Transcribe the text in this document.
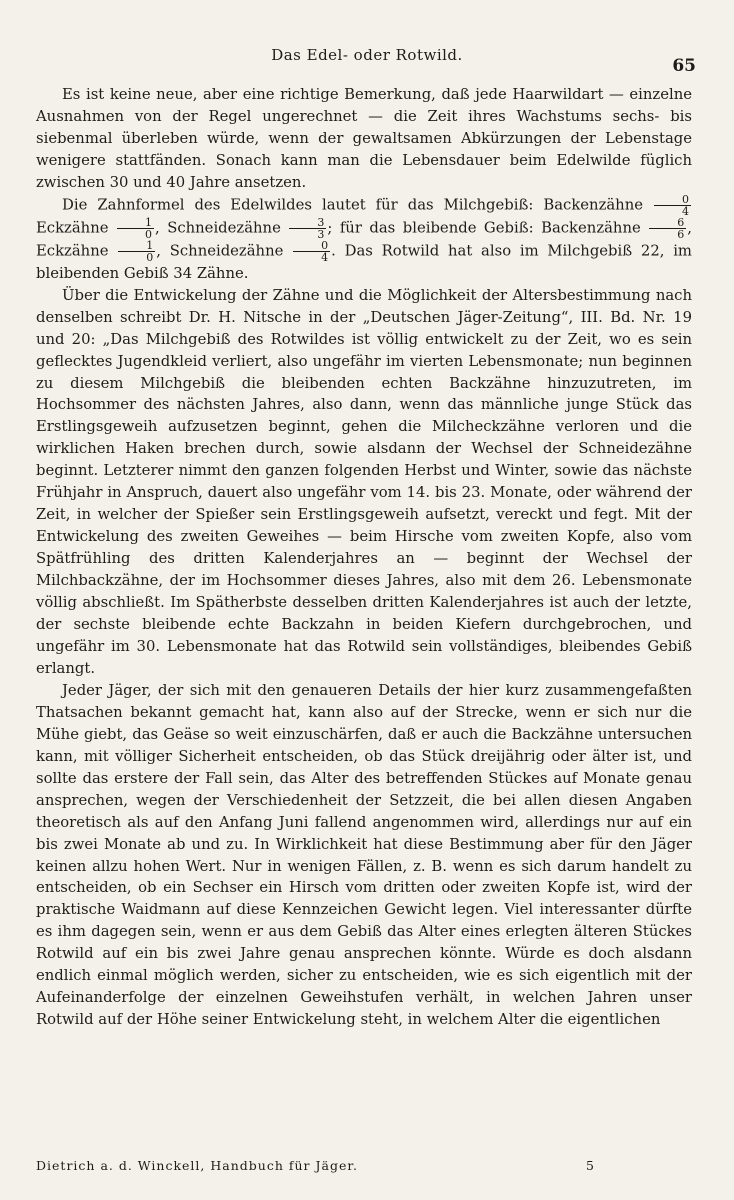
Das Edel- oder Rotwild.
65

Es ist keine neue, aber eine richtige Bemerkung, daß jede Haarwildart — einzelne Ausnahmen von der Regel ungerechnet — die Zeit ihres Wachstums sechs- bis siebenmal überleben würde, wenn der gewaltsamen Abkürzungen der Lebenstage wenigere stattfänden. Sonach kann man die Lebensdauer beim Edelwilde füglich zwischen 30 und 40 Jahre ansetzen.

Die Zahnformel des Edelwildes lautet für das Milchgebiß: Backenzähne $\frac{0}{4}$
Eckzähne $\frac{1}{0}$ , Schneidezähne $\frac{3}{3}$ ; für das bleibende Gebiß: Backenzähne $\frac{6}{6}$ , Eckzähne $\frac{1}{0}$ , Schneidezähne $\frac{0}{4}$ . Das Rotwild hat also im Milchgebiß 22, im bleibenden Gebiß 34 Zähne.

Über die Entwickelung der Zähne und die Möglichkeit der Altersbestimmung nach denselben schreibt Dr. H. Nitsche in der „Deutschen Jäger-Zeitung“, III. Bd. Nr. 19 und 20: „Das Milchgebiß des Rotwildes ist völlig entwickelt zu der Zeit, wo es sein geflecktes Jugendkleid verliert, also ungefähr im vierten Lebensmonate; nun beginnen zu diesem Milchgebiß die bleibenden echten Backzähne hinzuzutreten, im Hochsommer des nächsten Jahres, also dann, wenn das männliche junge Stück das Erstlingsgeweih aufzusetzen beginnt, gehen die Milcheckzähne verloren und die wirklichen Haken brechen durch, sowie alsdann der Wechsel der Schneidezähne beginnt. Letzterer nimmt den ganzen folgenden Herbst und Winter, sowie das nächste Frühjahr in Anspruch, dauert also ungefähr vom 14. bis 23. Monate, oder während der Zeit, in welcher der Spießer sein Erstlingsgeweih aufsetzt, vereckt und fegt. Mit der Entwickelung des zweiten Geweihes — beim Hirsche vom zweiten Kopfe, also vom Spätfrühling des dritten Kalenderjahres an — beginnt der Wechsel der Milchbackzähne, der im Hochsommer dieses Jahres, also mit dem 26. Lebensmonate völlig abschließt. Im Spätherbste desselben dritten Kalenderjahres ist auch der letzte, der sechste bleibende echte Backzahn in beiden Kiefern durchgebrochen, und ungefähr im 30. Lebensmonate hat das Rotwild sein vollständiges, bleibendes Gebiß erlangt.

Jeder Jäger, der sich mit den genaueren Details der hier kurz zusammengefaßten Thatsachen bekannt gemacht hat, kann also auf der Strecke, wenn er sich nur die Mühe giebt, das Geäse so weit einzuschärfen, daß er auch die Backzähne untersuchen kann, mit völliger Sicherheit entscheiden, ob das Stück dreijährig oder älter ist, und sollte das erstere der Fall sein, das Alter des betreffenden Stückes auf Monate genau ansprechen, wegen der Verschiedenheit der Setzzeit, die bei allen diesen Angaben theoretisch als auf den Anfang Juni fallend angenommen wird, allerdings nur auf ein bis zwei Monate ab und zu. In Wirklichkeit hat diese Bestimmung aber für den Jäger keinen allzu hohen Wert. Nur in wenigen Fällen, z. B. wenn es sich darum handelt zu entscheiden, ob ein Sechser ein Hirsch vom dritten oder zweiten Kopfe ist, wird der praktische Waidmann auf diese Kennzeichen Gewicht legen. Viel interessanter dürfte es ihm dagegen sein, wenn er aus dem Gebiß das Alter eines erlegten älteren Stückes Rotwild auf ein bis zwei Jahre genau ansprechen könnte. Würde es doch alsdann endlich einmal möglich werden, sicher zu entscheiden, wie es sich eigentlich mit der Aufeinanderfolge der einzelnen Geweihstufen verhält, in welchen Jahren unser Rotwild auf der Höhe seiner Entwickelung steht, in welchem Alter die eigentlichen

Dietrich a. d. Winckell, Handbuch für Jäger.	5
